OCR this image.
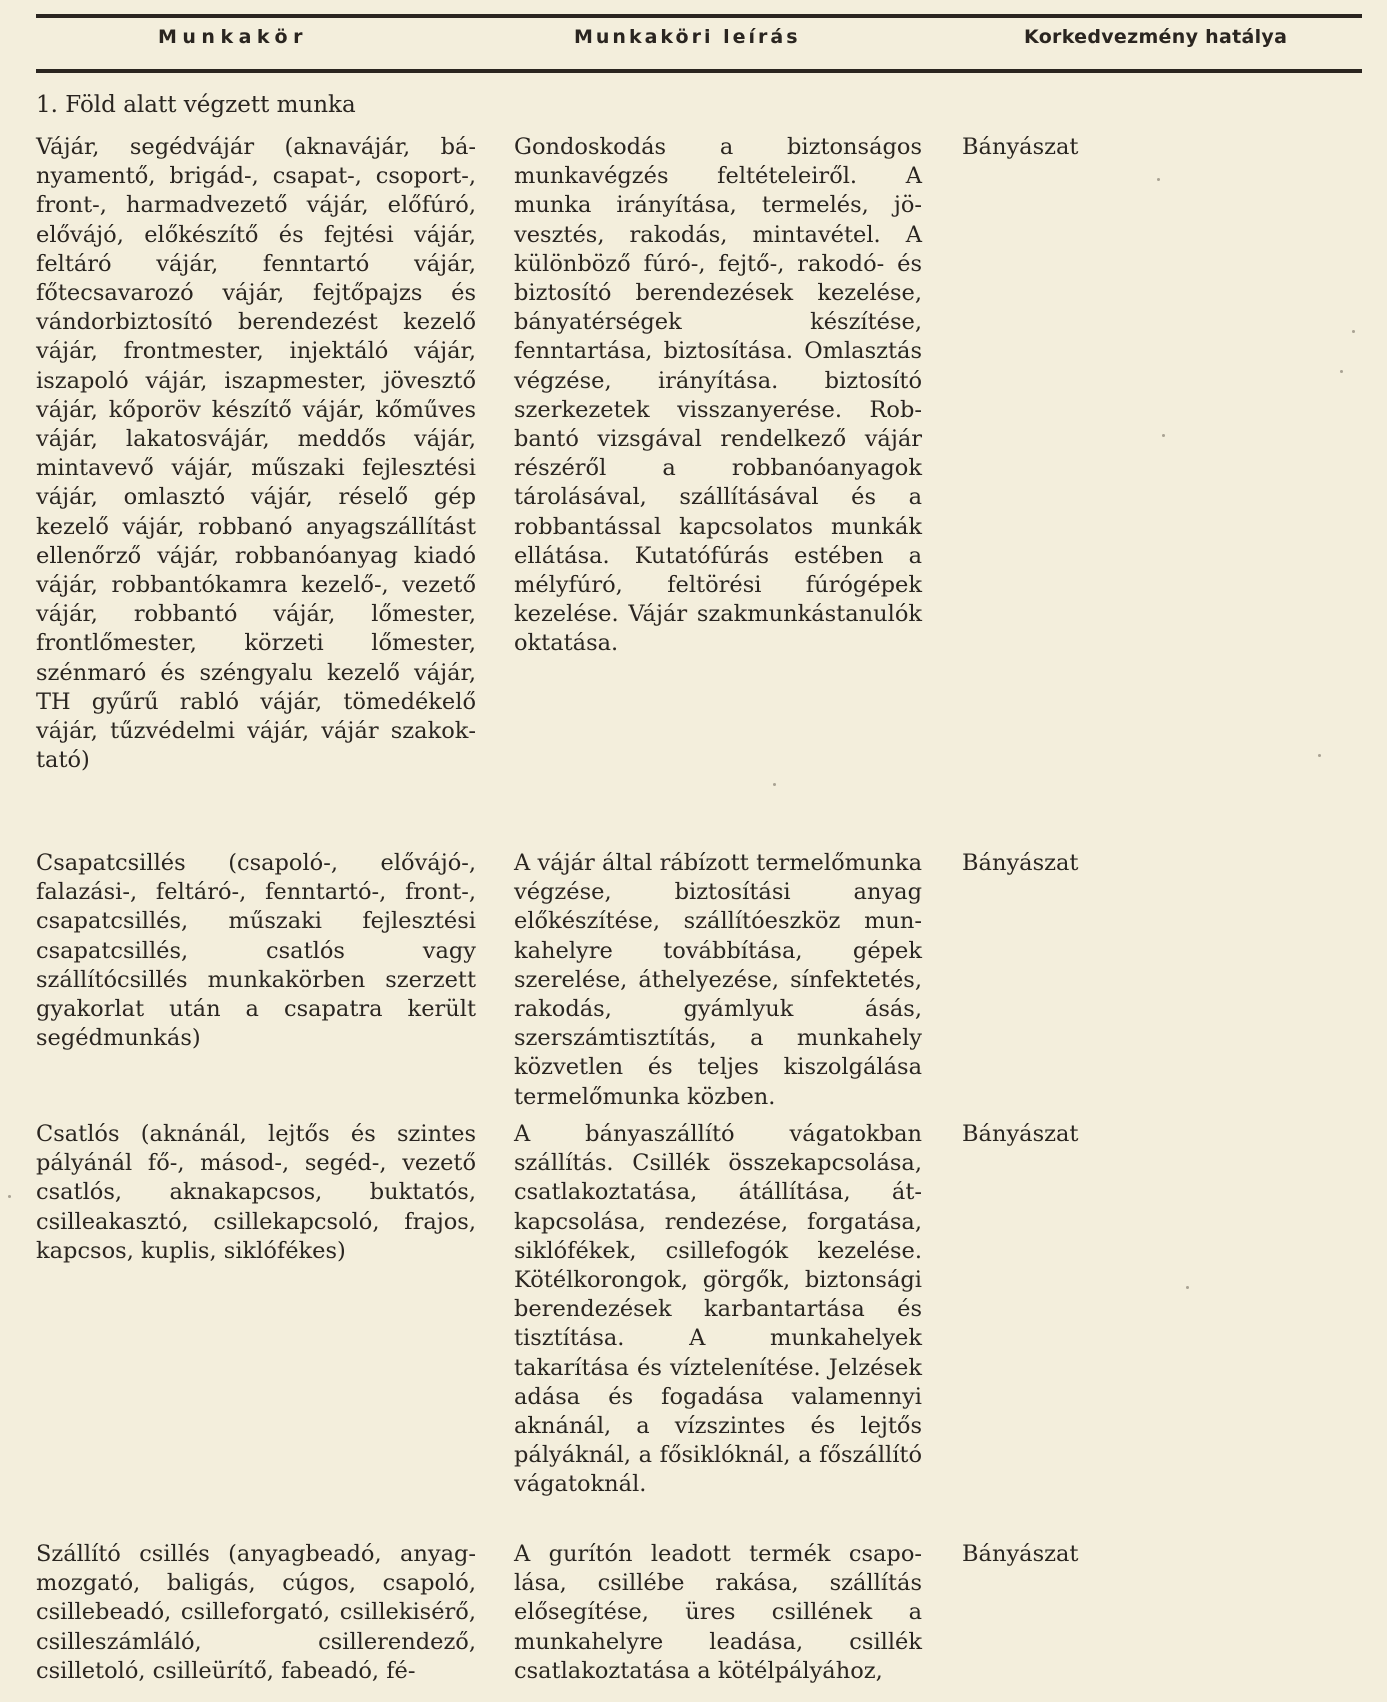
Munkakör	Munkaköri leírás	Korkedvezmény hatálya
1. Föld alatt végzett munka
Vájár, segédvájár (aknavájár, bányamentő, brigád-, csapat-, csoport-, front-, harmadvezető vájár, előfúró, elővájó, előkészítő és fejtési vájár, feltáró vájár, fenntartó vájár, főtecsavarozó vájár, fejtőpajzs és vándorbiztosító berendezést kezelő vájár, frontmester, injektáló vájár, iszapoló vájár, iszapmester, jövesztő vájár, kőporöv készítő vájár, kőműves vájár, lakatosvájár, meddős vájár, mintavevő vájár, műszaki fejlesztési vájár, omlasztó vájár, réselő gép kezelő vájár, robbanó anyagszállítást ellenőrző vájár, robbanóanyag kiadó vájár, robbantókamra kezelő-, vezető vájár, robbantó vájár, lőmester, frontlőmester, körzeti lőmester, szénmaró és széngyalu kezelő vájár, TH gyűrű rabló vájár, tömedékelő vájár, tűzvédelmi vájár, vájár szakoktató)
Gondoskodás a biztonságos munkavégzés feltételeiről. A munka irányítása, termelés, jövesztés, rakodás, mintavétel. A különböző fúró-, fejtő-, rakodó- és biztosító berendezések kezelése, bányatérségek készítése, fenntartása, biztosítása. Omlasztás végzése, irányítása. biztosító szerkezetek visszanyerése. Robbantó vizsgával rendelkező vájár részéről a robbanóanyagok tárolásával, szállításával és a robbantással kapcsolatos munkák ellátása. Kutatófúrás estében a mélyfúró, feltörési fúrógépek kezelése. Vájár szakmunkástanulók oktatása.
Bányászat
Csapatcsillés (csapoló-, elővájó-, falazási-, feltáró-, fenntartó-, front-, csapatcsillés, műszaki fejlesztési csapatcsillés, csatlós vagy szállítócsillés munkakörben szerzett gyakorlat után a csapatra került segédmunkás)
A vájár által rábízott termelőmunka végzése, biztosítási anyag előkészítése, szállítóeszköz munkahelyre továbbítása, gépek szerelése, áthelyezése, sínfektetés, rakodás, gyámlyuk ásás, szerszámtisztítás, a munkahely közvetlen és teljes kiszolgálása termelőmunka közben.
Bányászat
Csatlós (aknánál, lejtős és szintes pályánál fő-, másod-, segéd-, vezető csatlós, aknakapcsos, buktatós, csilleakasztó, csillekapcsoló, frajos, kapcsos, kuplis, siklófékes)
A bányaszállító vágatokban szállítás. Csillék összekapcsolása, csatlakoztatása, átállítása, átkapcsolása, rendezése, forgatása, siklófékek, csillefogók kezelése. Kötélkorongok, görgők, biztonsági berendezések karbantartása és tisztítása. A munkahelyek takarítása és víztelenítése. Jelzések adása és fogadása valamennyi aknánál, a vízszintes és lejtős pályáknál, a fősiklóknál, a főszállító vágatoknál.
Bányászat
Szállító csillés (anyagbeadó, anyagmozgató, baligás, cúgos, csapoló, csillebeadó, csilleforgató, csillekisérő, csilleszámláló, csillerendező, csilletoló, csilleürítő, fabeadó, fé-
A gurítón leadott termék csapolása, csillébe rakása, szállítás elősegítése, üres csillének a munkahelyre leadása, csillék csatlakoztatása a kötélpályához,
Bányászat
